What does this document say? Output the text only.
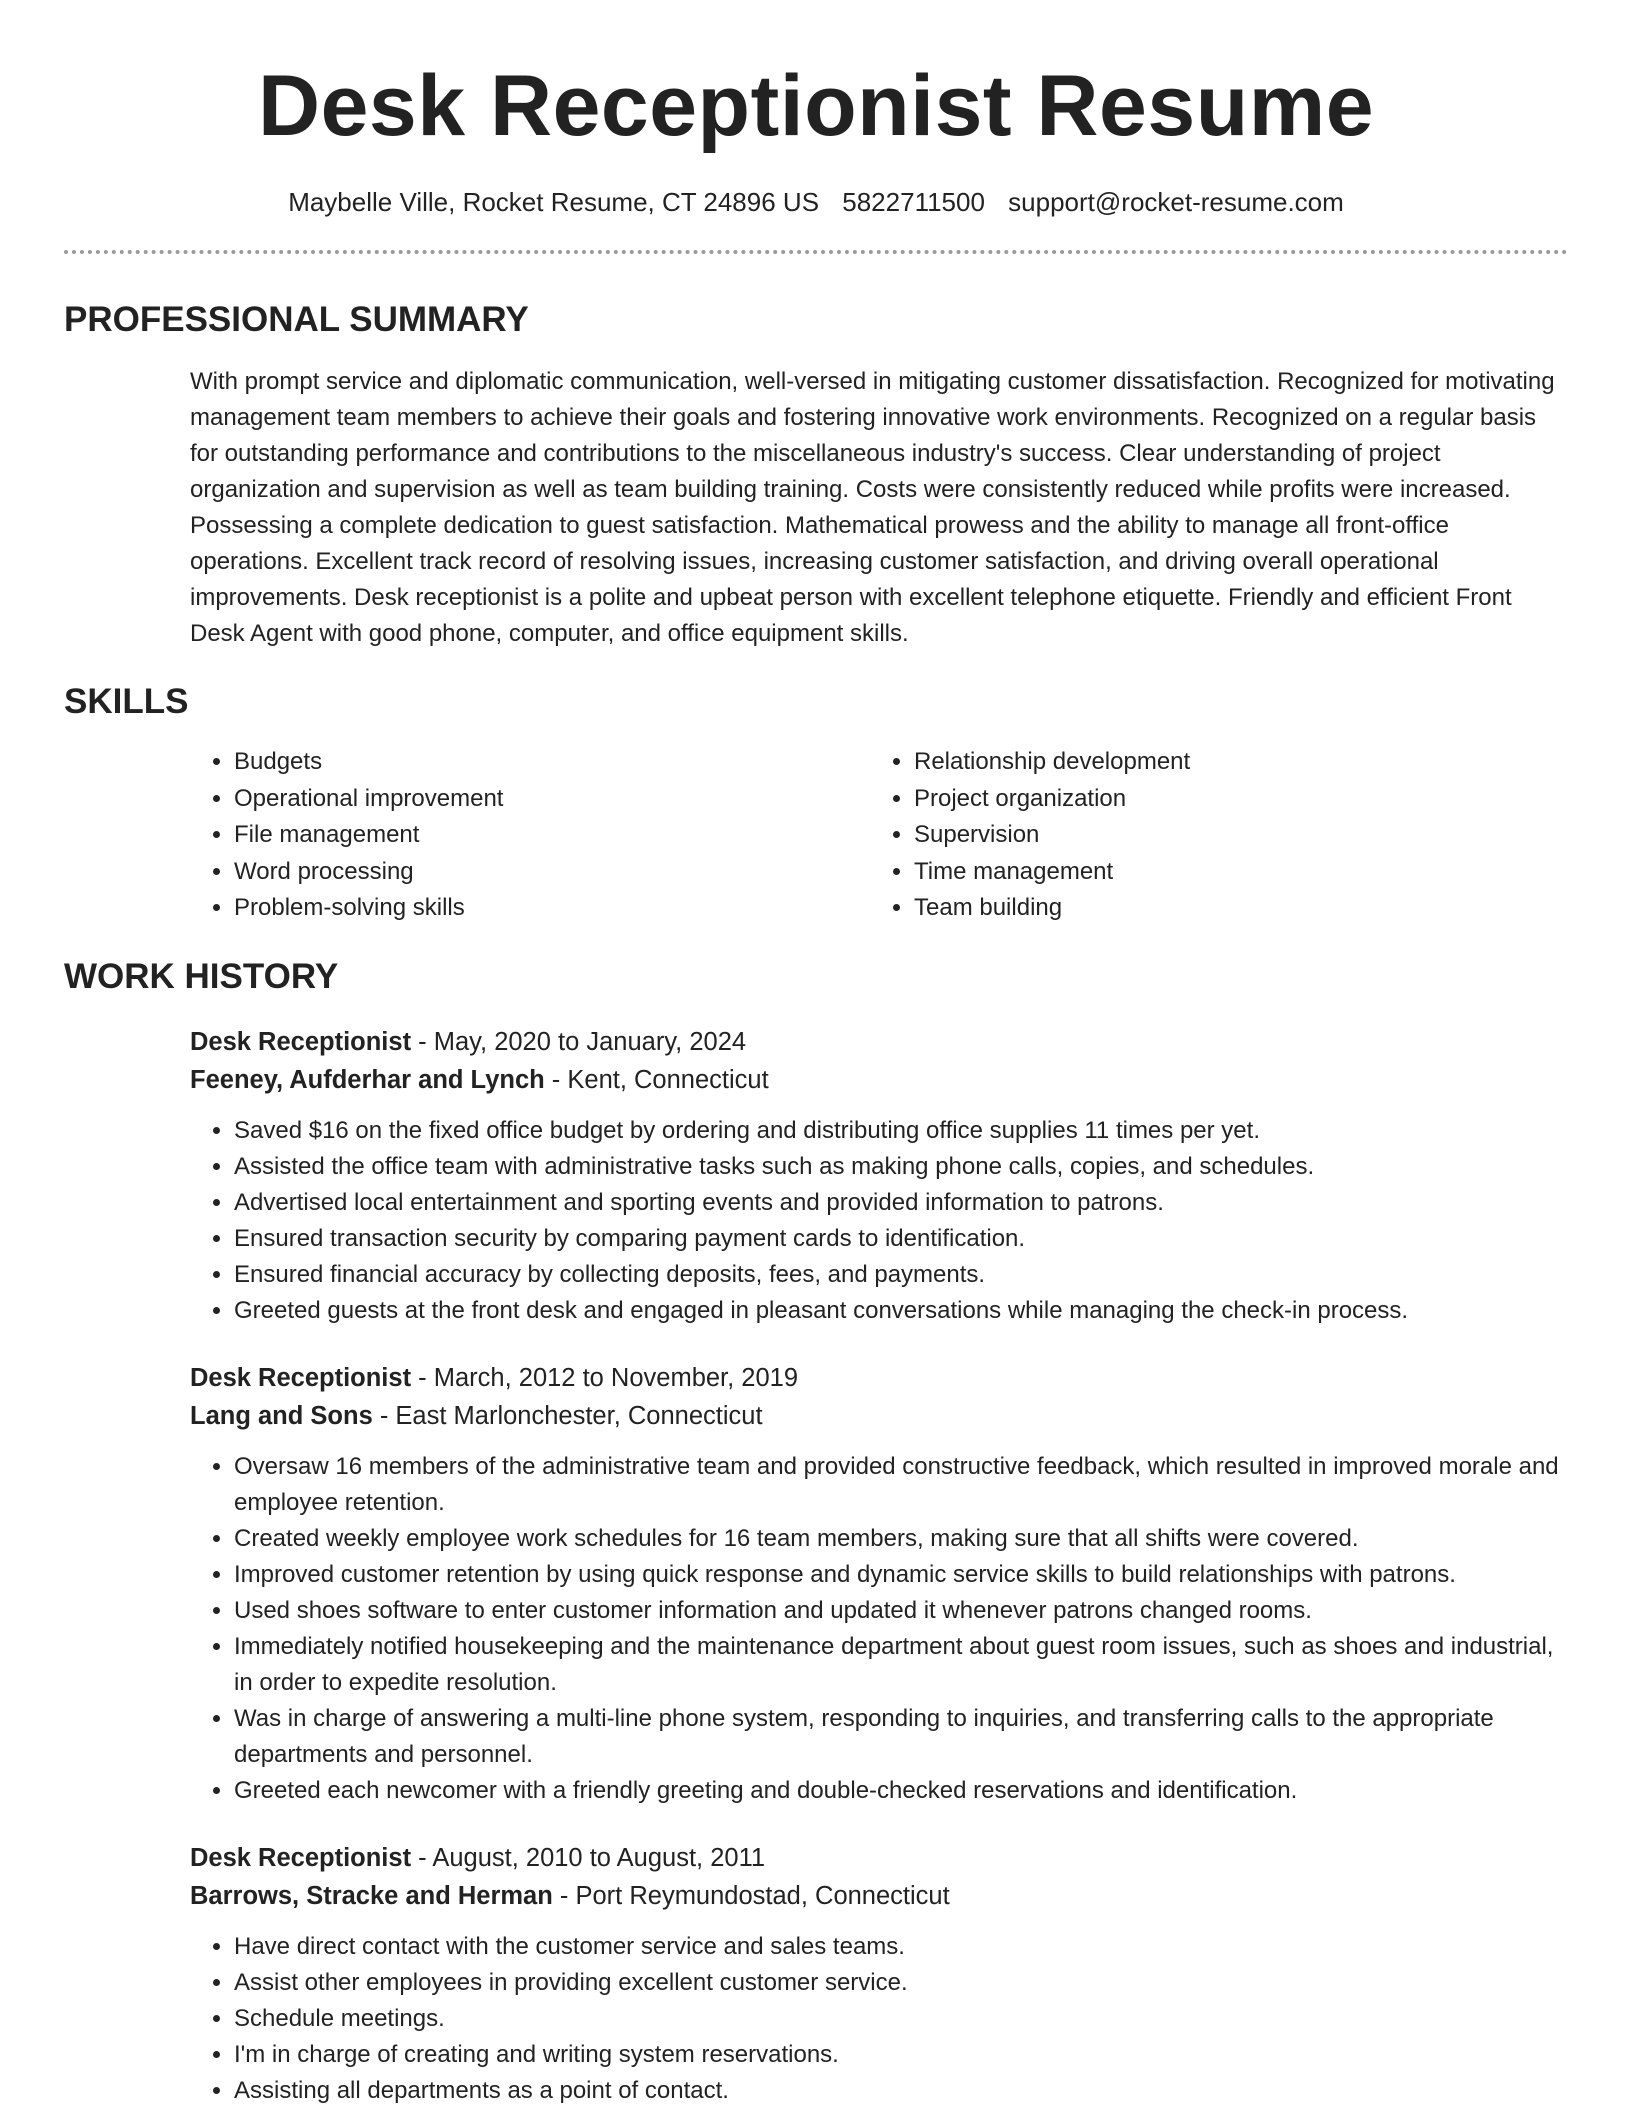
Desk Receptionist Resume
Maybelle Ville, Rocket Resume, CT 24896 US 5822711500 support@rocket-resume.com
PROFESSIONAL SUMMARY

With prompt service and diplomatic communication, well-versed in mitigating customer dissatisfaction. Recognized for motivating management team members to achieve their goals and fostering innovative work environments. Recognized on a regular basis for outstanding performance and contributions to the miscellaneous industry's success. Clear understanding of project organization and supervision as well as team building training. Costs were consistently reduced while profits were increased. Possessing a complete dedication to guest satisfaction. Mathematical prowess and the ability to manage all front-office operations. Excellent track record of resolving issues, increasing customer satisfaction, and driving overall operational improvements. Desk receptionist is a polite and upbeat person with excellent telephone etiquette. Friendly and efficient Front Desk Agent with good phone, computer, and office equipment skills.

SKILLS
• Budgets
• Operational improvement
• File management
• Word processing
• Problem-solving skills
• Relationship development
• Project organization
• Supervision
• Time management
• Team building
WORK HISTORY
Desk Receptionist - May, 2020 to January, 2024
Feeney, Aufderhar and Lynch - Kent, Connecticut
• Saved $16 on the fixed office budget by ordering and distributing office supplies 11 times per yet.
• Assisted the office team with administrative tasks such as making phone calls, copies, and schedules.
• Advertised local entertainment and sporting events and provided information to patrons.
• Ensured transaction security by comparing payment cards to identification.
• Ensured financial accuracy by collecting deposits, fees, and payments.
• Greeted guests at the front desk and engaged in pleasant conversations while managing the check-in process.
Desk Receptionist - March, 2012 to November, 2019
Lang and Sons - East Marlonchester, Connecticut
• Oversaw 16 members of the administrative team and provided constructive feedback, which resulted in improved morale and employee retention.
• Created weekly employee work schedules for 16 team members, making sure that all shifts were covered.
• Improved customer retention by using quick response and dynamic service skills to build relationships with patrons.
• Used shoes software to enter customer information and updated it whenever patrons changed rooms.
• Immediately notified housekeeping and the maintenance department about guest room issues, such as shoes and industrial, in order to expedite resolution.
• Was in charge of answering a multi-line phone system, responding to inquiries, and transferring calls to the appropriate departments and personnel.
• Greeted each newcomer with a friendly greeting and double-checked reservations and identification.
Desk Receptionist - August, 2010 to August, 2011
Barrows, Stracke and Herman - Port Reymundostad, Connecticut
• Have direct contact with the customer service and sales teams.
• Assist other employees in providing excellent customer service.
• Schedule meetings.
• I'm in charge of creating and writing system reservations.
• Assisting all departments as a point of contact.
